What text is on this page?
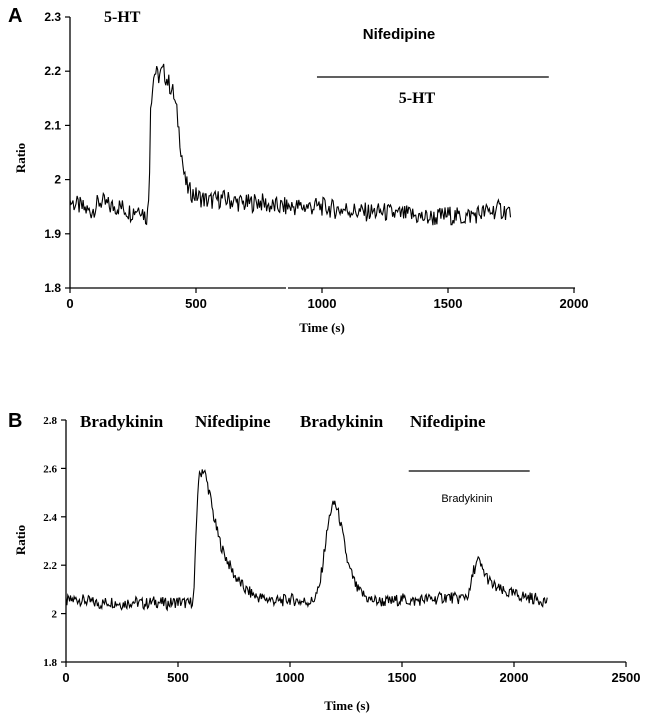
A
1.8
1.9
2
2.1
2.2
2.3
0	500	1000	1500	2000
Ratio
Time (s)
5-HT
Nifedipine
5-HT
B
1.8
2
2.2
2.4
2.6
2.8
0	500	1000	1500	2000	2500
Ratio
Time (s)
Bradykinin Nifedipine Bradykinin Nifedipine
Bradykinin
